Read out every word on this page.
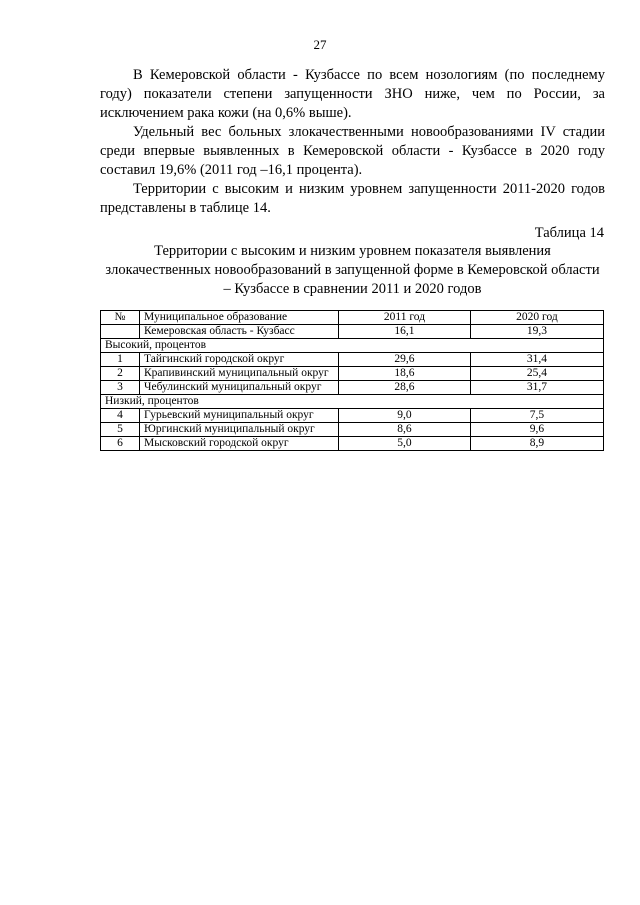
27

В Кемеровской области - Кузбассе по всем нозологиям (по последнему году) показатели степени запущенности ЗНО ниже, чем по России, за исключением рака кожи (на 0,6% выше).

Удельный вес больных злокачественными новообразованиями IV стадии среди впервые выявленных в Кемеровской области - Кузбассе в 2020 году составил 19,6% (2011 год –16,1 процента).

Территории с высоким и низким уровнем запущенности 2011-2020 годов представлены в таблице 14.

Таблица 14
Территории с высоким и низким уровнем показателя выявления злокачественных новообразований в запущенной форме в Кемеровской области – Кузбассе в сравнении 2011 и 2020 годов
№	Муниципальное образование	2011 год	2020 год
	Кемеровская область - Кузбасс	16,1	19,3
Высокий, процентов			
1	Тайгинский городской округ	29,6	31,4
2	Крапивинский муниципальный округ	18,6	25,4
3	Чебулинский муниципальный округ	28,6	31,7
Низкий, процентов			
4	Гурьевский муниципальный округ	9,0	7,5
5	Юргинский муниципальный округ	8,6	9,6
6	Мысковский городской округ	5,0	8,9
